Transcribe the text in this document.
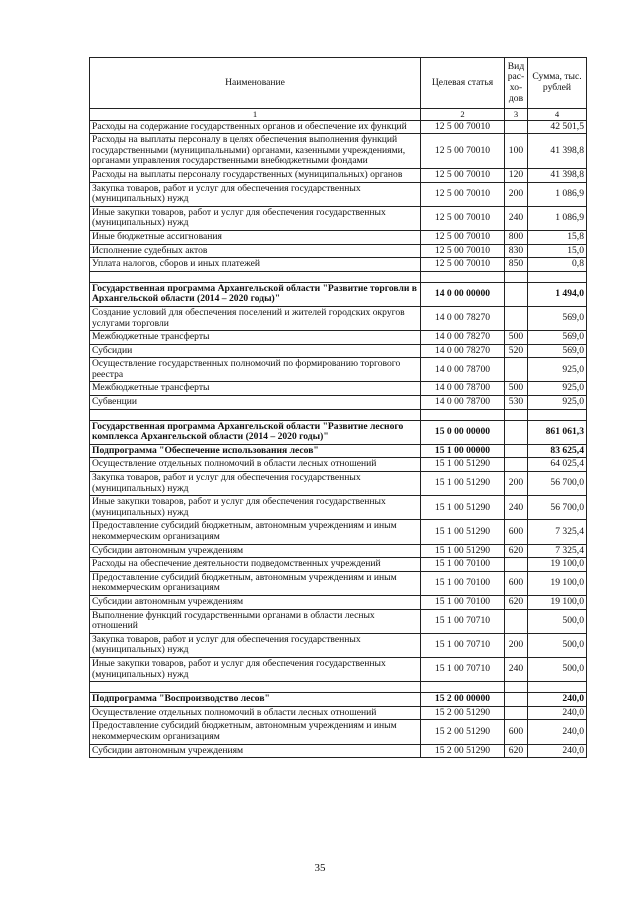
Наименование	Целевая статья	Вид рас-хо-дов	Сумма, тыс. рублей
1	2	3	4
Расходы на содержание государственных органов и обеспечение их функций	12 5 00 70010		42 501,5
Расходы на выплаты персоналу в целях обеспечения выполнения функций государственными (муниципальными) органами, казенными учреждениями, органами управления государственными внебюджетными фондами	12 5 00 70010	100	41 398,8
Расходы на выплаты персоналу государственных (муниципальных) органов	12 5 00 70010	120	41 398,8
Закупка товаров, работ и услуг для обеспечения государственных (муниципальных) нужд	12 5 00 70010	200	1 086,9
Иные закупки товаров, работ и услуг для обеспечения государственных (муниципальных) нужд	12 5 00 70010	240	1 086,9
Иные бюджетные ассигнования	12 5 00 70010	800	15,8
Исполнение судебных актов	12 5 00 70010	830	15,0
Уплата налогов, сборов и иных платежей	12 5 00 70010	850	0,8

Государственная программа Архангельской области "Развитие торговли в Архангельской области (2014 – 2020 годы)"	14 0 00 00000		1 494,0
Создание условий для обеспечения поселений и жителей городских округов услугами торговли	14 0 00 78270		569,0
Межбюджетные трансферты	14 0 00 78270	500	569,0
Субсидии	14 0 00 78270	520	569,0
Осуществление государственных полномочий по формированию торгового реестра	14 0 00 78700		925,0
Межбюджетные трансферты	14 0 00 78700	500	925,0
Субвенции	14 0 00 78700	530	925,0

Государственная программа Архангельской области "Развитие лесного комплекса Архангельской области (2014 – 2020 годы)"	15 0 00 00000		861 061,3
Подпрограмма "Обеспечение использования лесов"	15 1 00 00000		83 625,4
Осуществление отдельных полномочий в области лесных отношений	15 1 00 51290		64 025,4
Закупка товаров, работ и услуг для обеспечения государственных (муниципальных) нужд	15 1 00 51290	200	56 700,0
Иные закупки товаров, работ и услуг для обеспечения государственных (муниципальных) нужд	15 1 00 51290	240	56 700,0
Предоставление субсидий бюджетным, автономным учреждениям и иным некоммерческим организациям	15 1 00 51290	600	7 325,4
Субсидии автономным учреждениям	15 1 00 51290	620	7 325,4
Расходы на обеспечение деятельности подведомственных учреждений	15 1 00 70100		19 100,0
Предоставление субсидий бюджетным, автономным учреждениям и иным некоммерческим организациям	15 1 00 70100	600	19 100,0
Субсидии автономным учреждениям	15 1 00 70100	620	19 100,0
Выполнение функций государственными органами в области лесных отношений	15 1 00 70710		500,0
Закупка товаров, работ и услуг для обеспечения государственных (муниципальных) нужд	15 1 00 70710	200	500,0
Иные закупки товаров, работ и услуг для обеспечения государственных (муниципальных) нужд	15 1 00 70710	240	500,0

Подпрограмма "Воспроизводство лесов"	15 2 00 00000		240,0
Осуществление отдельных полномочий в области лесных отношений	15 2 00 51290		240,0
Предоставление субсидий бюджетным, автономным учреждениям и иным некоммерческим организациям	15 2 00 51290	600	240,0
Субсидии автономным учреждениям	15 2 00 51290	620	240,0
35
